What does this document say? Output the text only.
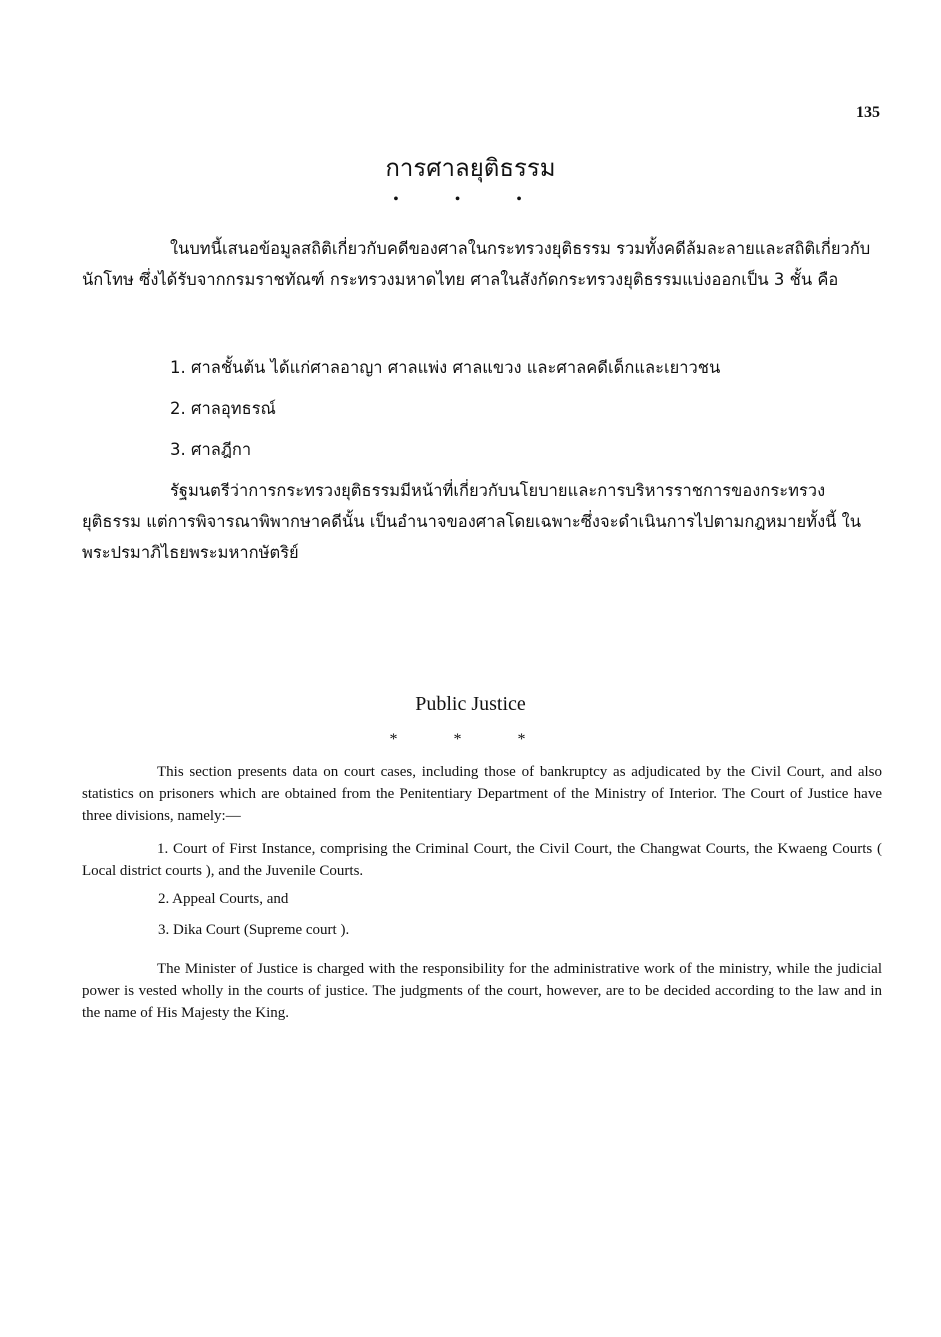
135
การศาลยุติธรรม
• • •
ในบทนี้เสนอข้อมูลสถิติเกี่ยวกับคดีของศาลในกระทรวงยุติธรรม รวมทั้งคดีล้มละลายและสถิติเกี่ยวกับนักโทษ ซึ่งได้รับจากกรมราชทัณฑ์ กระทรวงมหาดไทย ศาลในสังกัดกระทรวงยุติธรรมแบ่งออกเป็น 3 ชั้น คือ
1. ศาลชั้นต้น ได้แก่ศาลอาญา ศาลแพ่ง ศาลแขวง และศาลคดีเด็กและเยาวชน
2. ศาลอุทธรณ์
3. ศาลฎีกา
รัฐมนตรีว่าการกระทรวงยุติธรรมมีหน้าที่เกี่ยวกับนโยบายและการบริหารราชการของกระทรวงยุติธรรม แต่การพิจารณาพิพากษาคดีนั้น เป็นอำนาจของศาลโดยเฉพาะซึ่งจะดำเนินการไปตามกฎหมายทั้งนี้ ในพระปรมาภิไธยพระมหากษัตริย์
Public Justice
* * *
This section presents data on court cases, including those of bankruptcy as adjudicated by the Civil Court, and also statistics on prisoners which are obtained from the Penitentiary Department of the Ministry of Interior. The Court of Justice have three divisions, namely:—
1. Court of First Instance, comprising the Criminal Court, the Civil Court, the Changwat Courts, the Kwaeng Courts ( Local district courts ), and the Juvenile Courts.
2. Appeal Courts, and
3. Dika Court (Supreme court ).
The Minister of Justice is charged with the responsibility for the administrative work of the ministry, while the judicial power is vested wholly in the courts of justice. The judgments of the court, however, are to be decided according to the law and in the name of His Majesty the King.
